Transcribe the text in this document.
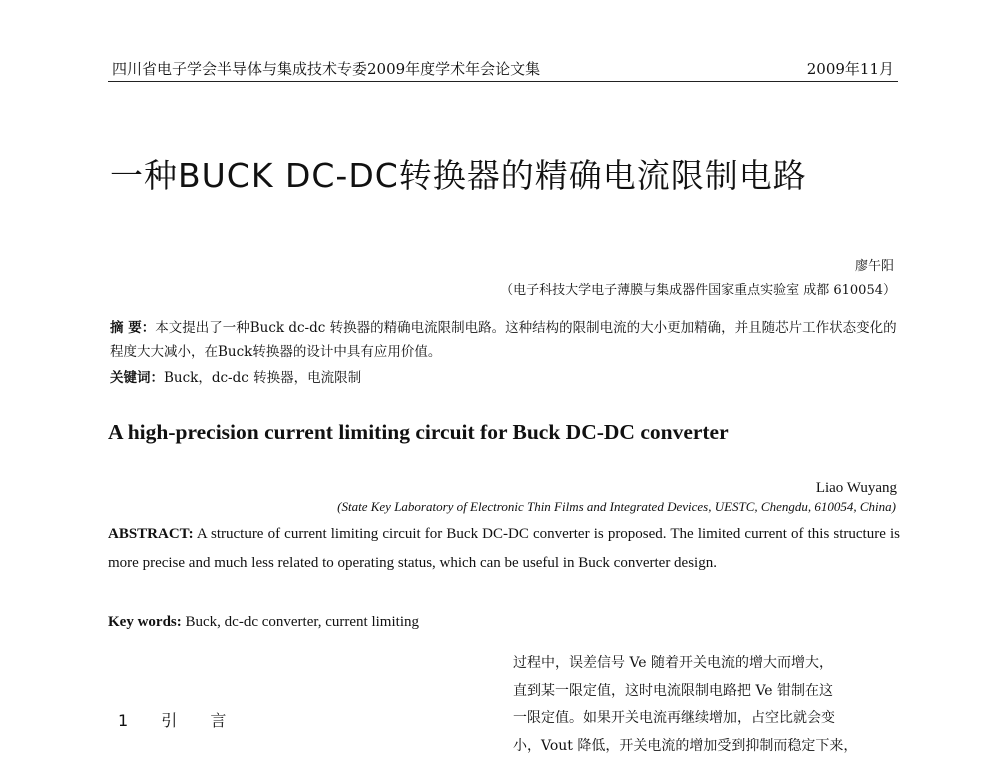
四川省电子学会半导体与集成技术专委2009年度学术年会论文集	2009年11月
一种BUCK DC-DC转换器的精确电流限制电路
廖午阳
（电子科技大学电子薄膜与集成器件国家重点实验室 成都 610054）
摘 要：本文提出了一种Buck dc-dc 转换器的精确电流限制电路。这种结构的限制电流的大小更加精确，并且随芯片工作状态变化的程度大大减小，在Buck转换器的设计中具有应用价值。
关键词：Buck，dc-dc 转换器，电流限制
A high-precision current limiting circuit for Buck DC-DC converter
Liao Wuyang
(State Key Laboratory of Electronic Thin Films and Integrated Devices, UESTC, Chengdu, 610054, China)
ABSTRACT: A structure of current limiting circuit for Buck DC-DC converter is proposed. The limited current of this structure is more precise and much less related to operating status, which can be useful in Buck converter design.
Key words: Buck, dc-dc converter, current limiting
1 引 言
过程中，误差信号 Ve 随着开关电流的增大而增大，
直到某一限定值，这时电流限制电路把 Ve 钳制在这
一限定值。如果开关电流再继续增加，占空比就会变
小，Vout 降低，开关电流的增加受到抑制而稳定下来，
